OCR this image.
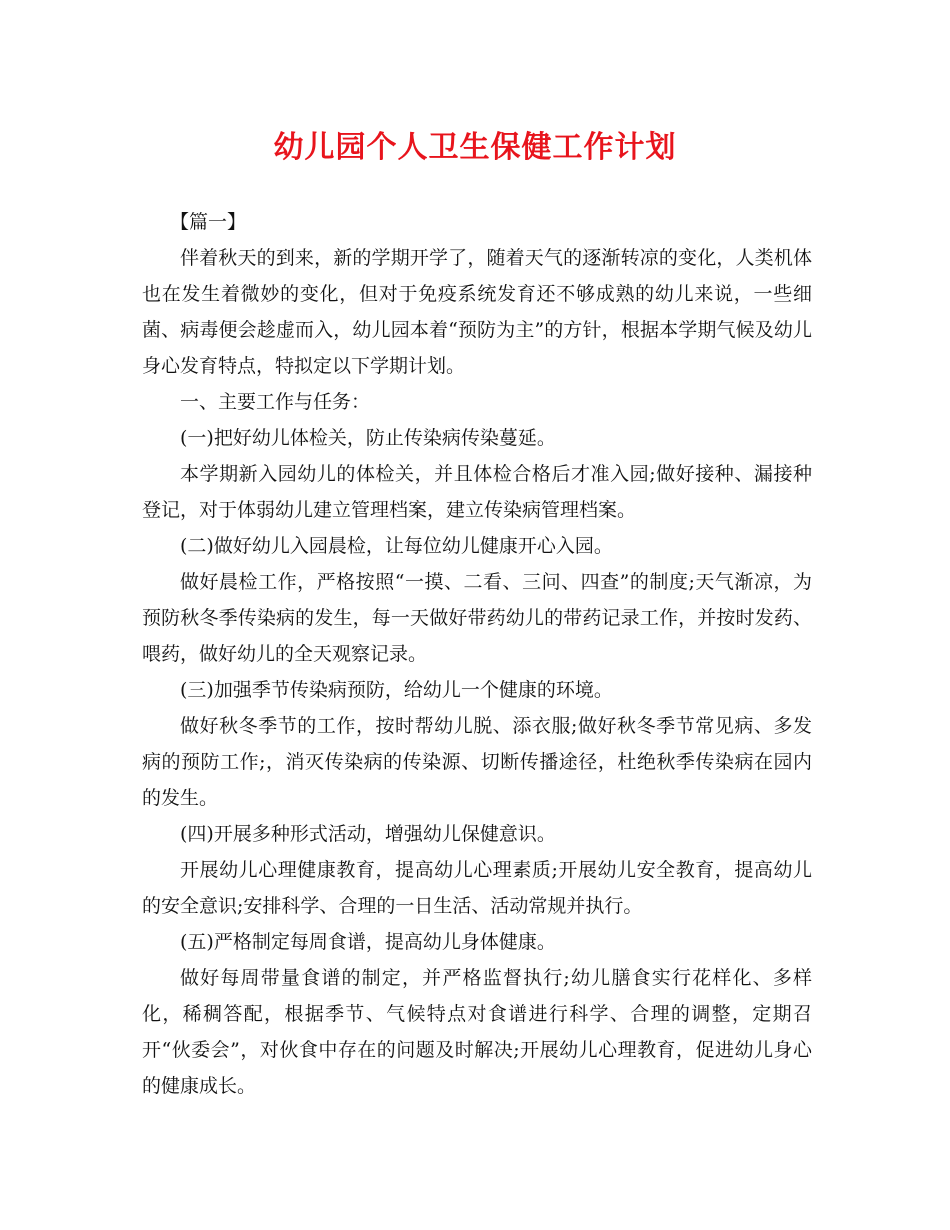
幼儿园个人卫生保健工作计划

【篇一】

伴着秋天的到来，新的学期开学了，随着天气的逐渐转凉的变化，人类机体也在发生着微妙的变化，但对于免疫系统发育还不够成熟的幼儿来说，一些细菌、病毒便会趁虚而入，幼儿园本着“预防为主”的方针，根据本学期气候及幼儿身心发育特点，特拟定以下学期计划。

一、主要工作与任务：

(一)把好幼儿体检关，防止传染病传染蔓延。

本学期新入园幼儿的体检关，并且体检合格后才准入园;做好接种、漏接种登记，对于体弱幼儿建立管理档案，建立传染病管理档案。

(二)做好幼儿入园晨检，让每位幼儿健康开心入园。

做好晨检工作，严格按照“一摸、二看、三问、四查”的制度;天气渐凉，为预防秋冬季传染病的发生，每一天做好带药幼儿的带药记录工作，并按时发药、喂药，做好幼儿的全天观察记录。

(三)加强季节传染病预防，给幼儿一个健康的环境。

做好秋冬季节的工作，按时帮幼儿脱、添衣服;做好秋冬季节常见病、多发病的预防工作;，消灭传染病的传染源、切断传播途径，杜绝秋季传染病在园内的发生。

(四)开展多种形式活动，增强幼儿保健意识。

开展幼儿心理健康教育，提高幼儿心理素质;开展幼儿安全教育，提高幼儿的安全意识;安排科学、合理的一日生活、活动常规并执行。

(五)严格制定每周食谱，提高幼儿身体健康。

做好每周带量食谱的制定，并严格监督执行;幼儿膳食实行花样化、多样化，稀稠答配，根据季节、气候特点对食谱进行科学、合理的调整，定期召开“伙委会”，对伙食中存在的问题及时解决;开展幼儿心理教育，促进幼儿身心的健康成长。
